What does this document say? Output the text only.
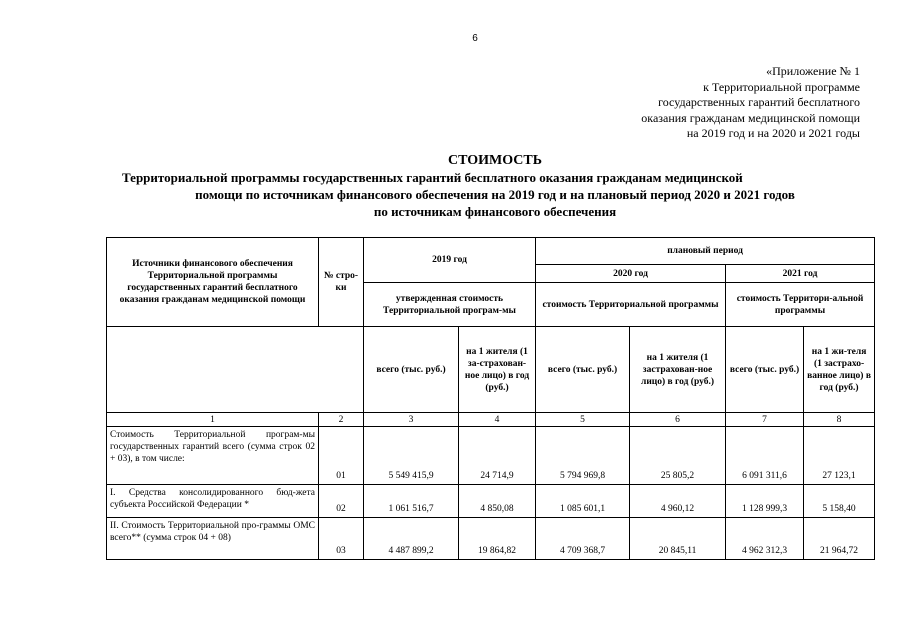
6
«Приложение № 1
к Территориальной программе
государственных гарантий бесплатного
оказания гражданам медицинской помощи
на 2019 год и на 2020 и 2021 годы
СТОИМОСТЬ
Территориальной программы государственных гарантий бесплатного оказания гражданам медицинской
помощи по источникам финансового обеспечения на 2019 год и на плановый период 2020 и 2021 годов
по источникам финансового обеспечения
Источники финансового обеспечения Территориальной программы государственных гарантий бесплатного оказания гражданам медицинской помощи	№ стро-ки	2019 год		плановый период			
				2020 год		2021 год	
		утвержденная стоимость Территориальной програм-мы		стоимость Территориальной программы		стоимость Территори-альной программы	
		всего (тыс. руб.)	на 1 жителя (1 за-страхован-ное лицо) в год (руб.)	всего (тыс. руб.)	на 1 жителя (1 застрахован-ное лицо) в год (руб.)	всего (тыс. руб.)	на 1 жи-теля (1 застрахо-ванное лицо) в год (руб.)
1	2	3	4	5	6	7	8
Стоимость Территориальной програм-мы государственных гарантий всего (сумма строк 02 + 03), в том числе:	01	5 549 415,9	24 714,9	5 794 969,8	25 805,2	6 091 311,6	27 123,1
I. Средства консолидированного бюд-жета субъекта Российской Федерации *	02	1 061 516,7	4 850,08	1 085 601,1	4 960,12	1 128 999,3	5 158,40
II. Стоимость Территориальной про-граммы ОМС всего** (сумма строк 04 + 08)	03	4 487 899,2	19 864,82	4 709 368,7	20 845,11	4 962 312,3	21 964,72
